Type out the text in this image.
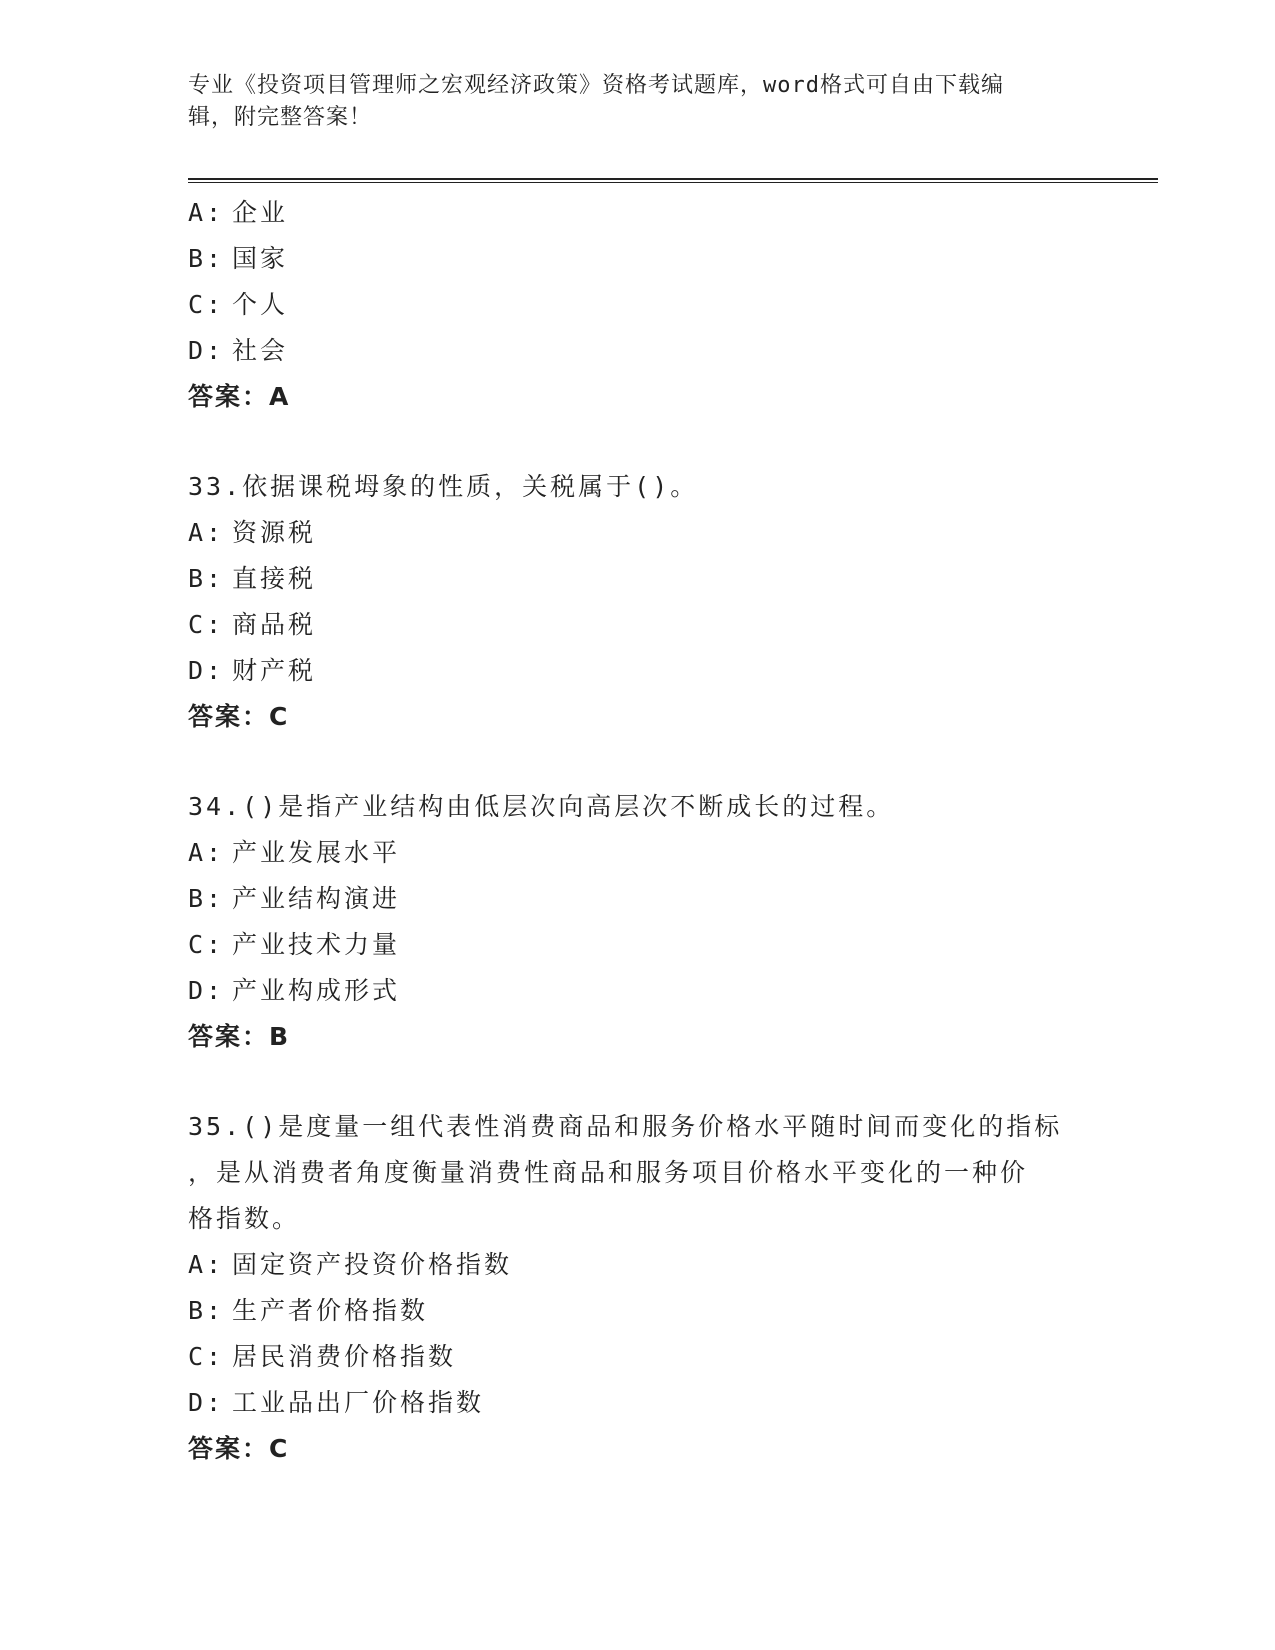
专业《投资项目管理师之宏观经济政策》资格考试题库，word格式可自由下载编
辑，附完整答案！
A: 企业
B: 国家
C: 个人
D: 社会
答案：A
33.依据课税坶象的性质，关税属于()。
A: 资源税
B: 直接税
C: 商品税
D: 财产税
答案：C
34.()是指产业结构由低层次向高层次不断成长的过程。
A: 产业发展水平
B: 产业结构演进
C: 产业技术力量
D: 产业构成形式
答案：B
35.()是度量一组代表性消费商品和服务价格水平随时间而变化的指标
，是从消费者角度衡量消费性商品和服务项目价格水平变化的一种价
格指数。
A: 固定资产投资价格指数
B: 生产者价格指数
C: 居民消费价格指数
D: 工业品出厂价格指数
答案：C
